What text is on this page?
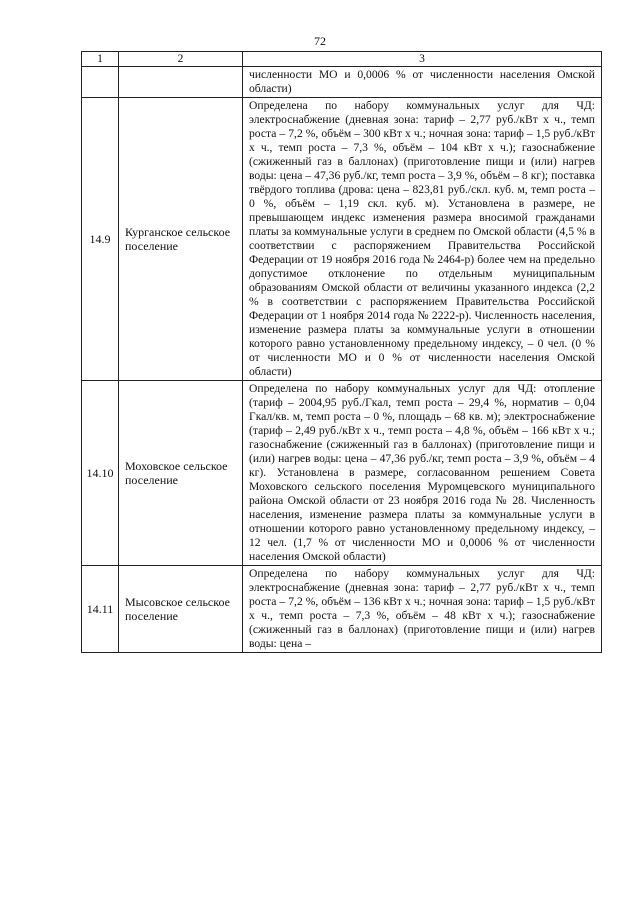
72
1	2	3

		численности МО и 0,0006 % от численности населения Омской области)

14.9	Курганское сельское поселение	Определена по набору коммунальных услуг для ЧД: электроснабжение (дневная зона: тариф – 2,77 руб./кВт х ч., темп роста – 7,2 %, объём – 300 кВт х ч.; ночная зона: тариф – 1,5 руб./кВт х ч., темп роста – 7,3 %, объём – 104 кВт х ч.); газоснабжение (сжиженный газ в баллонах) (приготовление пищи и (или) нагрев воды: цена – 47,36 руб./кг, темп роста – 3,9 %, объём – 8 кг); поставка твёрдого топлива (дрова: цена – 823,81 руб./скл. куб. м, темп роста – 0 %, объём – 1,19 скл. куб. м). Установлена в размере, не превышающем индекс изменения размера вносимой гражданами платы за коммунальные услуги в среднем по Омской области (4,5 % в соответствии с распоряжением Правительства Российской Федерации от 19 ноября 2016 года № 2464-р) более чем на предельно допустимое отклонение по отдельным муниципальным образованиям Омской области от величины указанного индекса (2,2 % в соответствии с распоряжением Правительства Российской Федерации от 1 ноября 2014 года № 2222-р). Численность населения, изменение размера платы за коммунальные услуги в отношении которого равно установленному предельному индексу, – 0 чел. (0 % от численности МО и 0 % от численности населения Омской области)

14.10	Моховское сельское поселение	Определена по набору коммунальных услуг для ЧД: отопление (тариф – 2004,95 руб./Гкал, темп роста – 29,4 %, норматив – 0,04 Гкал/кв. м, темп роста – 0 %, площадь – 68 кв. м); электроснабжение (тариф – 2,49 руб./кВт х ч., темп роста – 4,8 %, объём – 166 кВт х ч.; газоснабжение (сжиженный газ в баллонах) (приготовление пищи и (или) нагрев воды: цена – 47,36 руб./кг, темп роста – 3,9 %, объём – 4 кг). Установлена в размере, согласованном решением Совета Моховского сельского поселения Муромцевского муниципального района Омской области от 23 ноября 2016 года № 28. Численность населения, изменение размера платы за коммунальные услуги в отношении которого равно установленному предельному индексу, – 12 чел. (1,7 % от численности МО и 0,0006 % от численности населения Омской области)

14.11	Мысовское сельское поселение	Определена по набору коммунальных услуг для ЧД: электроснабжение (дневная зона: тариф – 2,77 руб./кВт х ч., темп роста – 7,2 %, объём – 136 кВт х ч.; ночная зона: тариф – 1,5 руб./кВт х ч., темп роста – 7,3 %, объём – 48 кВт х ч.); газоснабжение (сжиженный газ в баллонах) (приготовление пищи и (или) нагрев воды: цена –
